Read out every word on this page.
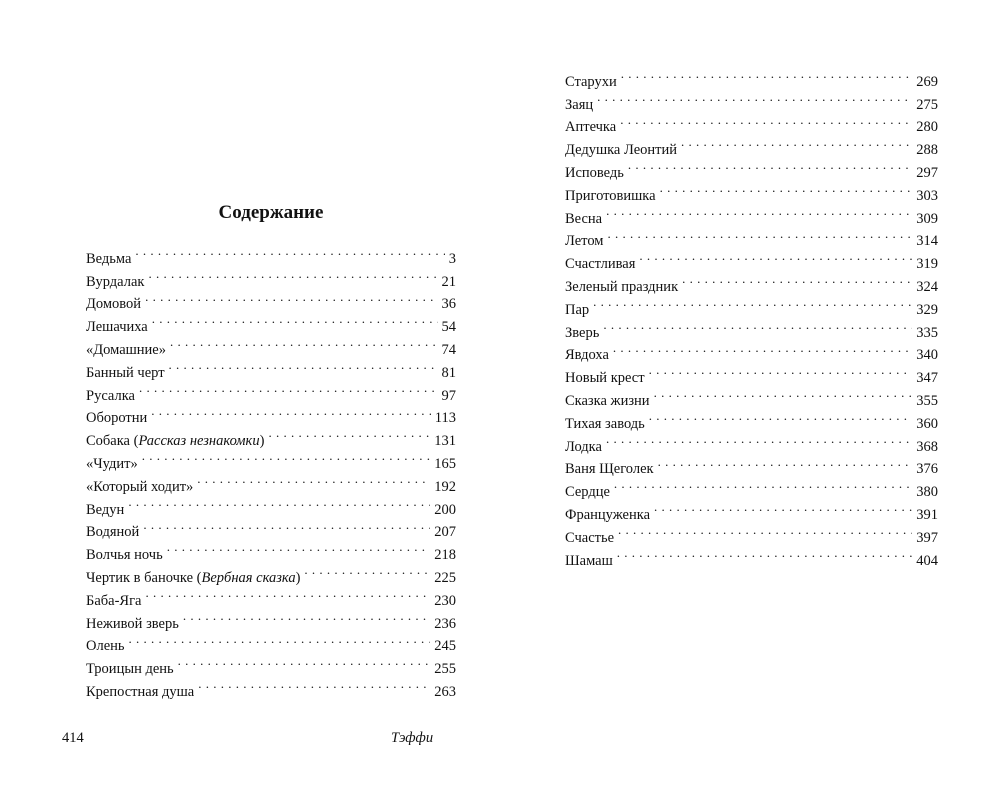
Содержание
Ведьма . . .	3
Вурдалак . . .	21
Домовой . . .	36
Лешачиха . . .	54
«Домашние» . . .	74
Банный черт . . .	81
Русалка . . .	97
Оборотни . . .	113
Собака (Рассказ незнакомки) . . .	131
«Чудит» . . .	165
«Который ходит» . . .	192
Ведун . . .	200
Водяной . . .	207
Волчья ночь . . .	218
Чертик в баночке (Вербная сказка) . . .	225
Баба-Яга . . .	230
Неживой зверь . . .	236
Олень . . .	245
Троицын день . . .	255
Крепостная душа . . .	263
414	Тэффи
Старухи . . .	269
Заяц . . .	275
Аптечка . . .	280
Дедушка Леонтий . . .	288
Исповедь . . .	297
Приготовишка . . .	303
Весна . . .	309
Летом . . .	314
Счастливая . . .	319
Зеленый праздник . . .	324
Пар . . .	329
Зверь . . .	335
Явдоха . . .	340
Новый крест . . .	347
Сказка жизни . . .	355
Тихая заводь . . .	360
Лодка . . .	368
Ваня Щеголек . . .	376
Сердце . . .	380
Француженка . . .	391
Счастье . . .	397
Шамаш . . .	404
